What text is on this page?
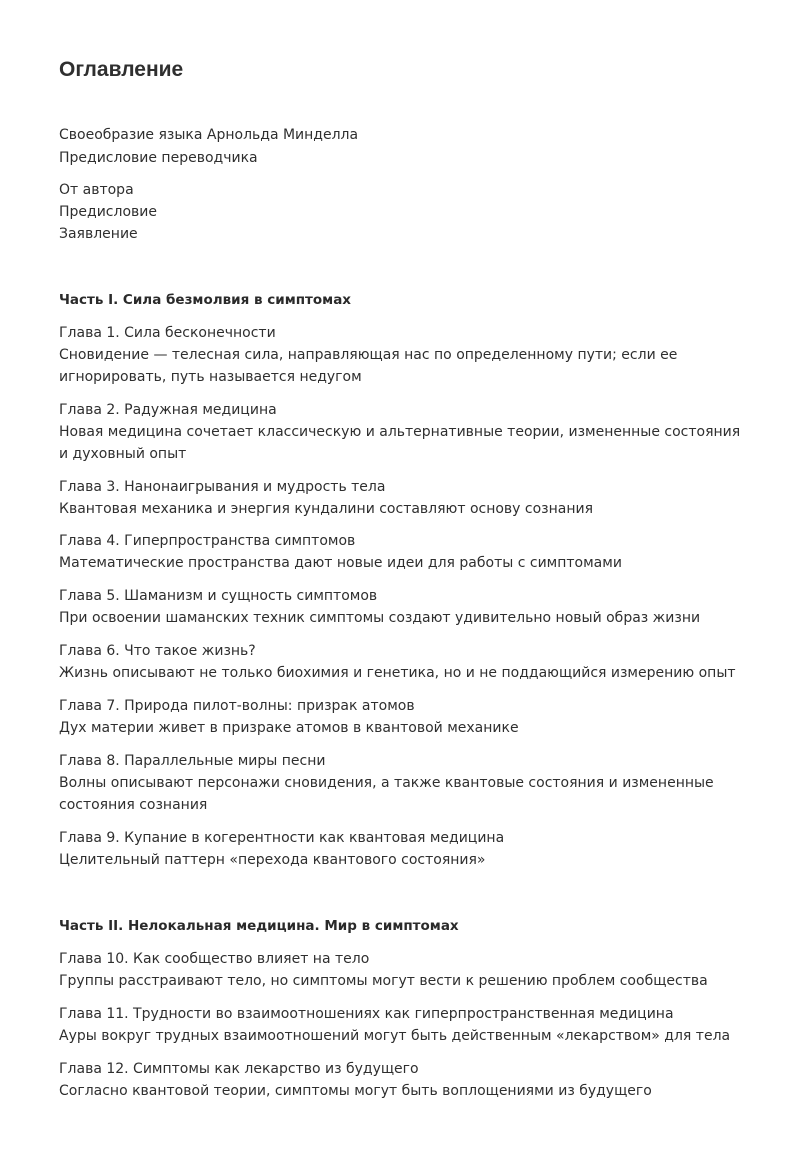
Оглавление

Своеобразие языка Арнольда Минделла

Предисловие переводчика

От автора

Предисловие

Заявление

Часть I. Сила безмолвия в симптомах

Глава 1. Сила бесконечности

Сновидение — телесная сила, направляющая нас по определенному пути; если ее

игнорировать, путь называется недугом

Глава 2. Радужная медицина

Новая медицина сочетает классическую и альтернативные теории, измененные состояния

и духовный опыт

Глава 3. Нанонаигрывания и мудрость тела

Квантовая механика и энергия кундалини составляют основу сознания

Глава 4. Гиперпространства симптомов

Математические пространства дают новые идеи для работы с симптомами

Глава 5. Шаманизм и сущность симптомов

При освоении шаманских техник симптомы создают удивительно новый образ жизни

Глава 6. Что такое жизнь?

Жизнь описывают не только биохимия и генетика, но и не поддающийся измерению опыт

Глава 7. Природа пилот-волны: призрак атомов

Дух материи живет в призраке атомов в квантовой механике

Глава 8. Параллельные миры песни

Волны описывают персонажи сновидения, а также квантовые состояния и измененные

состояния сознания

Глава 9. Купание в когерентности как квантовая медицина

Целительный паттерн «перехода квантового состояния»

Часть II. Нелокальная медицина. Мир в симптомах

Глава 10. Как сообщество влияет на тело

Группы расстраивают тело, но симптомы могут вести к решению проблем сообщества

Глава 11. Трудности во взаимоотношениях как гиперпространственная медицина

Ауры вокруг трудных взаимоотношений могут быть действенным «лекарством» для тела

Глава 12. Симптомы как лекарство из будущего

Согласно квантовой теории, симптомы могут быть воплощениями из будущего
